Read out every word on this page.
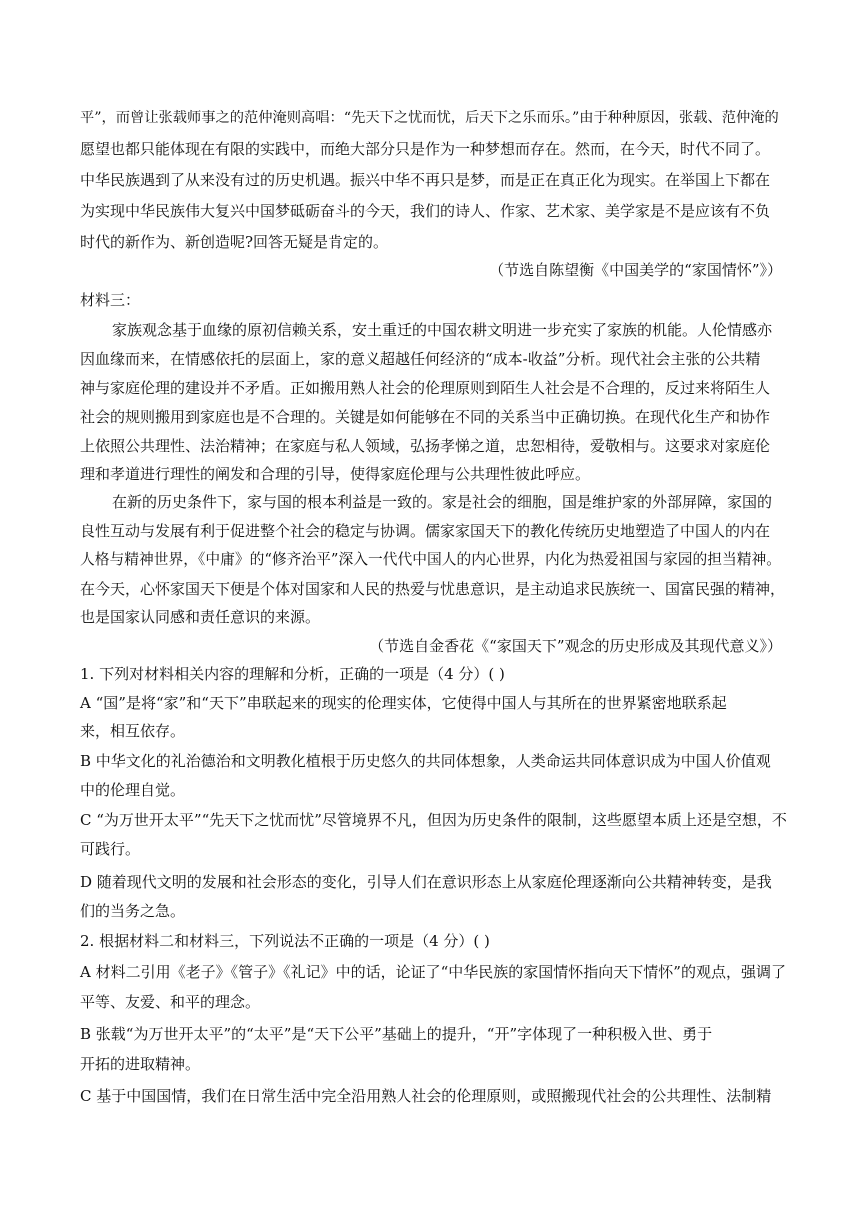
平”，而曾让张载师事之的范仲淹则高唱：“先天下之忧而忧，后天下之乐而乐。”由于种种原因，张载、范仲淹的
愿望也都只能体现在有限的实践中，而绝大部分只是作为一种梦想而存在。然而，在今天，时代不同了。
中华民族遇到了从来没有过的历史机遇。振兴中华不再只是梦，而是正在真正化为现实。在举国上下都在
为实现中华民族伟大复兴中国梦砥砺奋斗的今天，我们的诗人、作家、艺术家、美学家是不是应该有不负
时代的新作为、新创造呢?回答无疑是肯定的。
（节选自陈望衡《中国美学的“家国情怀”》）
材料三：
家族观念基于血缘的原初信赖关系，安土重迁的中国农耕文明进一步充实了家族的机能。人伦情感亦
因血缘而来，在情感依托的层面上，家的意义超越任何经济的“成本-收益”分析。现代社会主张的公共精
神与家庭伦理的建设并不矛盾。正如搬用熟人社会的伦理原则到陌生人社会是不合理的，反过来将陌生人
社会的规则搬用到家庭也是不合理的。关键是如何能够在不同的关系当中正确切换。在现代化生产和协作
上依照公共理性、法治精神；在家庭与私人领域，弘扬孝悌之道，忠恕相待，爱敬相与。这要求对家庭伦
理和孝道进行理性的阐发和合理的引导，使得家庭伦理与公共理性彼此呼应。
在新的历史条件下，家与国的根本利益是一致的。家是社会的细胞，国是维护家的外部屏障，家国的
良性互动与发展有利于促进整个社会的稳定与协调。儒家家国天下的教化传统历史地塑造了中国人的内在
人格与精神世界，《中庸》的“修齐治平”深入一代代中国人的内心世界，内化为热爱祖国与家园的担当精神。
在今天，心怀家国天下便是个体对国家和人民的热爱与忧患意识，是主动追求民族统一、国富民强的精神，
也是国家认同感和责任意识的来源。
（节选自金香花《“家国天下”观念的历史形成及其现代意义》）
1. 下列对材料相关内容的理解和分析，正确的一项是（4 分）( )
A “国”是将“家”和“天下”串联起来的现实的伦理实体，它使得中国人与其所在的世界紧密地联系起
来，相互依存。
B 中华文化的礼治德治和文明教化植根于历史悠久的共同体想象，人类命运共同体意识成为中国人价值观
中的伦理自觉。
C “为万世开太平”“先天下之忧而忧”尽管境界不凡，但因为历史条件的限制，这些愿望本质上还是空想，不
可践行。
D 随着现代文明的发展和社会形态的变化，引导人们在意识形态上从家庭伦理逐渐向公共精神转变，是我
们的当务之急。
2. 根据材料二和材料三，下列说法不正确的一项是（4 分）( )
A 材料二引用《老子》《管子》《礼记》中的话，论证了“中华民族的家国情怀指向天下情怀”的观点，强调了
平等、友爱、和平的理念。
B 张载“为万世开太平”的“太平”是“天下公平”基础上的提升，“开”字体现了一种积极入世、勇于
开拓的进取精神。
C 基于中国国情，我们在日常生活中完全沿用熟人社会的伦理原则，或照搬现代社会的公共理性、法制精
